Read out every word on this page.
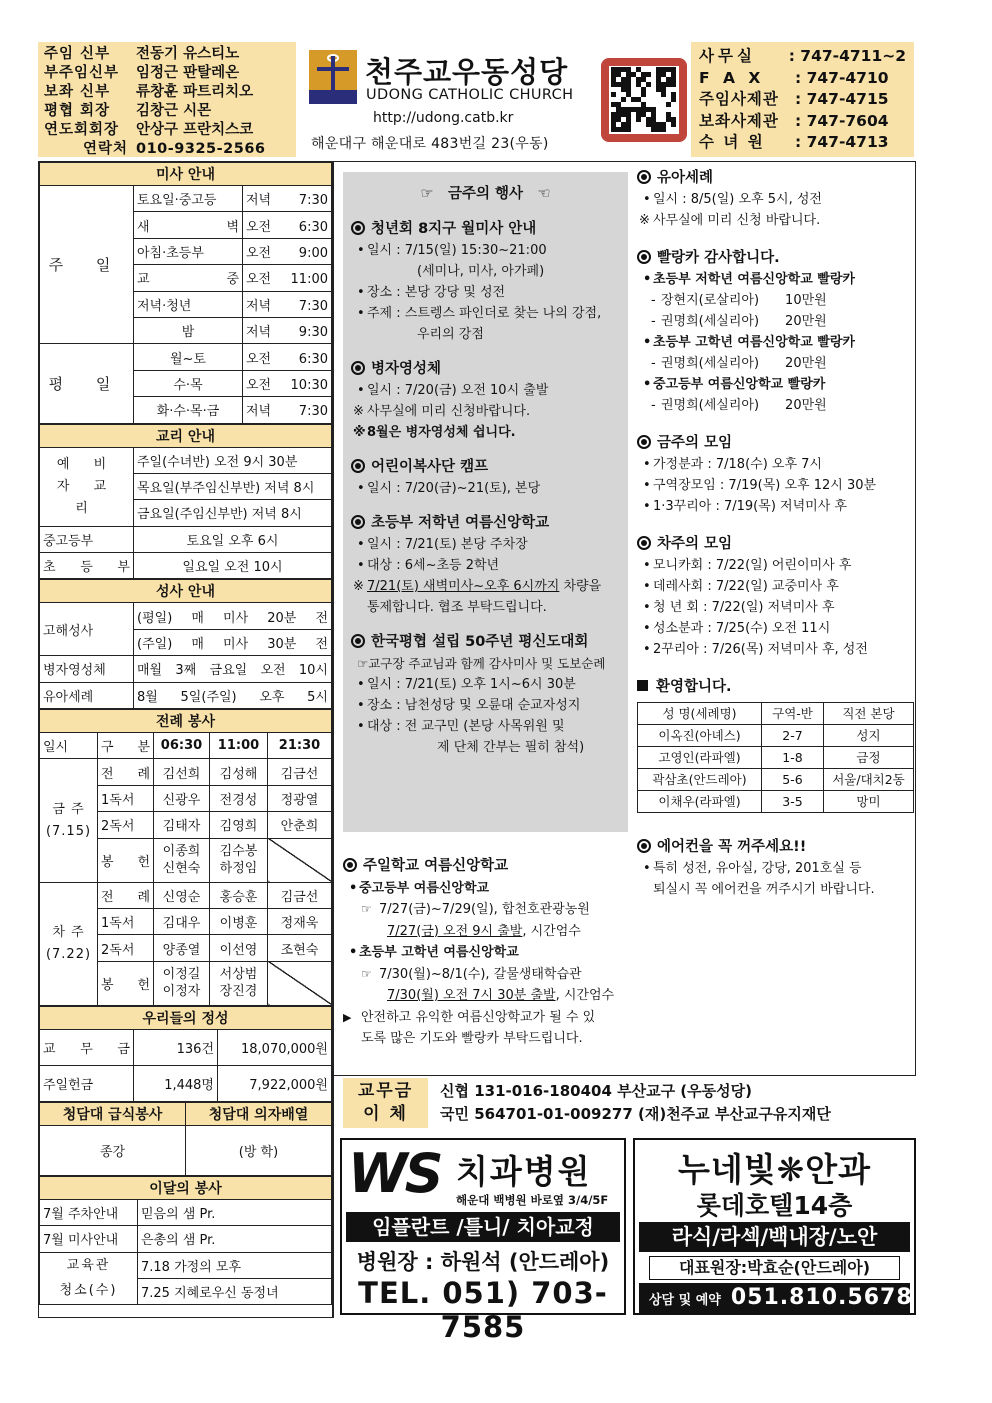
주임 신부	전동기 유스티노
부주임신부	임정근 판탈레온
보좌 신부	류창훈 파트리치오
평협 회장	김창근 시몬
연도회회장	안상구 프란치스코
연락처 010-9325-2566
천주교우동성당
UDONG CATHOLIC CHURCH
http://udong.catb.kr
해운대구 해운대로 483번길 23(우동)
사무실	: 747-4711~2
F A X	: 747-4710
주임사제관	: 747-4715
보좌사제관	: 747-7604
수 녀 원	: 747-4713
미사 안내		
주 일	토요일·중고등	저녁 7:30
	새 벽	오전 6:30
	아침·초등부	오전 9:00
	교 중	오전 11:00
	저녁·청년	저녁 7:30
	밤	저녁 9:30
평 일	월~토	오전 6:30
	수·목	오전 10:30
	화·수·목·금	저녁 7:30
교리 안내	
예 비 자 교 리	주일(수녀반) 오전 9시 30분
	목요일(부주임신부반) 저녁 8시
	금요일(주임신부반) 저녁 8시
중고등부	토요일 오후 6시
초 등 부	일요일 오전 10시
성사 안내	
고해성사	(평일) 매 미사 20분 전
	(주일) 매 미사 30분 전
병자영성체	매월 3째 금요일 오전 10시
유아세례	8월 5일(주일) 오후 5시
전례 봉사				
일시	구 분	06:30	11:00	21:30
금 주 (7.15)	전 례	김선희	김성해	김금선
	1독서	신광우	전경성	정광열
	2독서	김태자	김영희	안춘희
	봉 헌	이종희 신현숙	김수봉 하정임	
차 주 (7.22)	전 례	신영순	홍승훈	김금선
	1독서	김대우	이병훈	정재욱
	2독서	양종열	이선영	조현숙
	봉 헌	이정길 이정자	서상범 장진경	
우리들의 정성		
교 무 금	136건	18,070,000원
주일헌금	1,448명	7,922,000원
청담대 급식봉사	청담대 의자배열
종강	(방 학)
이달의 봉사	
7월 주차안내	믿음의 샘 Pr.
7월 미사안내	은총의 샘 Pr.
교육관 청소(수)	7.18 가정의 모후
	7.25 지혜로우신 동정녀
☞　금주의 행사　☜
청년회 8지구 월미사 안내
• 일시 : 7/15(일) 15:30~21:00
(세미나, 미사, 아가페)
• 장소 : 본당 강당 및 성전
• 주제 : 스트렝스 파인더로 찾는 나의 강점,
우리의 강점
병자영성체
• 일시 : 7/20(금) 오전 10시 출발
※ 사무실에 미리 신청바랍니다.
※ 8월은 병자영성체 쉽니다.
어린이복사단 캠프
• 일시 : 7/20(금)~21(토), 본당
초등부 저학년 여름신앙학교
• 일시 : 7/21(토) 본당 주차장
• 대상 : 6세~초등 2학년
※ 7/21(토) 새벽미사~오후 6시까지 차량을
통제합니다. 협조 부탁드립니다.
한국평협 설립 50주년 평신도대회
☞교구장 주교님과 함께 감사미사 및 도보순례
• 일시 : 7/21(토) 오후 1시~6시 30분
• 장소 : 남천성당 및 오륜대 순교자성지
• 대상 : 전 교구민 (본당 사목위원 및
제 단체 간부는 필히 참석)
주일학교 여름신앙학교
• 중고등부 여름신앙학교
☞ 7/27(금)~7/29(일), 합천호관광농원
7/27(금) 오전 9시 출발, 시간엄수
• 초등부 고학년 여름신앙학교
☞ 7/30(월)~8/1(수), 갈물생태학습관
7/30(월) 오전 7시 30분 출발, 시간엄수
▶ 안전하고 유익한 여름신앙학교가 될 수 있
도록 많은 기도와 빨랑카 부탁드립니다.
유아세례
• 일시 : 8/5(일) 오후 5시, 성전
※ 사무실에 미리 신청 바랍니다.
빨랑카 감사합니다.
• 초등부 저학년 여름신앙학교 빨랑카
- 장현지(로살리아)　　10만원
- 권명희(세실리아)　　20만원
• 초등부 고학년 여름신앙학교 빨랑카
- 권명희(세실리아)　　20만원
• 중고등부 여름신앙학교 빨랑카
- 권명희(세실리아)　　20만원
금주의 모임
• 가정분과 : 7/18(수) 오후 7시
• 구역장모임 : 7/19(목) 오후 12시 30분
• 1·3꾸리아 : 7/19(목) 저녁미사 후
차주의 모임
• 모니카회 : 7/22(일) 어린이미사 후
• 데레사회 : 7/22(일) 교중미사 후
• 청 년 회 : 7/22(일) 저녁미사 후
• 성소분과 : 7/25(수) 오전 11시
• 2꾸리아 : 7/26(목) 저녁미사 후, 성전
환영합니다.
성 명(세례명)	구역-반	직전 본당
이옥진(아녜스)	2-7	성지
고영인(라파엘)	1-8	금정
곽삼초(안드레아)	5-6	서울/대치2동
이채우(라파엘)	3-5	망미
에어컨을 꼭 꺼주세요!!
• 특히 성전, 유아실, 강당, 201호실 등
퇴실시 꼭 에어컨을 꺼주시기 바랍니다.
교무금
이 체
신협 131-016-180404 부산교구 (우동성당)
국민 564701-01-009277 (재)천주교 부산교구유지재단
WS 치과병원
해운대 백병원 바로옆 3/4/5F
임플란트 /틀니/ 치아교정
병원장 : 하원석 (안드레아)
TEL. 051) 703-7585
누네빛❋안과
롯데호텔14층
라식/라섹/백내장/노안
대표원장:박효순(안드레아)
상담 및 예약 051.810.5678
